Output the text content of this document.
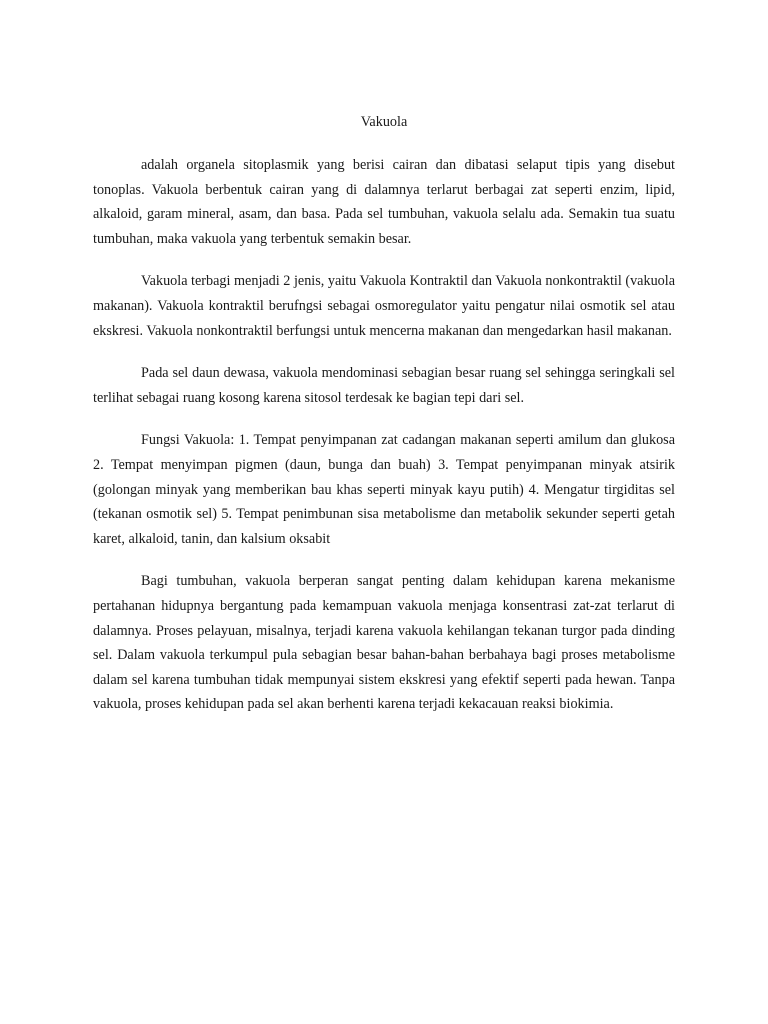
Vakuola

adalah organela sitoplasmik yang berisi cairan dan dibatasi selaput tipis yang disebut tonoplas. Vakuola berbentuk cairan yang di dalamnya terlarut berbagai zat seperti enzim, lipid, alkaloid, garam mineral, asam, dan basa. Pada sel tumbuhan, vakuola selalu ada. Semakin tua suatu tumbuhan, maka vakuola yang terbentuk semakin besar.

Vakuola terbagi menjadi 2 jenis, yaitu Vakuola Kontraktil dan Vakuola nonkontraktil (vakuola makanan). Vakuola kontraktil berufngsi sebagai osmoregulator yaitu pengatur nilai osmotik sel atau ekskresi. Vakuola nonkontraktil berfungsi untuk mencerna makanan dan mengedarkan hasil makanan.

Pada sel daun dewasa, vakuola mendominasi sebagian besar ruang sel sehingga seringkali sel terlihat sebagai ruang kosong karena sitosol terdesak ke bagian tepi dari sel.

Fungsi Vakuola: 1. Tempat penyimpanan zat cadangan makanan seperti amilum dan glukosa 2. Tempat menyimpan pigmen (daun, bunga dan buah) 3. Tempat penyimpanan minyak atsirik (golongan minyak yang memberikan bau khas seperti minyak kayu putih) 4. Mengatur tirgiditas sel (tekanan osmotik sel) 5. Tempat penimbunan sisa metabolisme dan metabolik sekunder seperti getah karet, alkaloid, tanin, dan kalsium oksabit

Bagi tumbuhan, vakuola berperan sangat penting dalam kehidupan karena mekanisme pertahanan hidupnya bergantung pada kemampuan vakuola menjaga konsentrasi zat-zat terlarut di dalamnya. Proses pelayuan, misalnya, terjadi karena vakuola kehilangan tekanan turgor pada dinding sel. Dalam vakuola terkumpul pula sebagian besar bahan-bahan berbahaya bagi proses metabolisme dalam sel karena tumbuhan tidak mempunyai sistem ekskresi yang efektif seperti pada hewan. Tanpa vakuola, proses kehidupan pada sel akan berhenti karena terjadi kekacauan reaksi biokimia.
